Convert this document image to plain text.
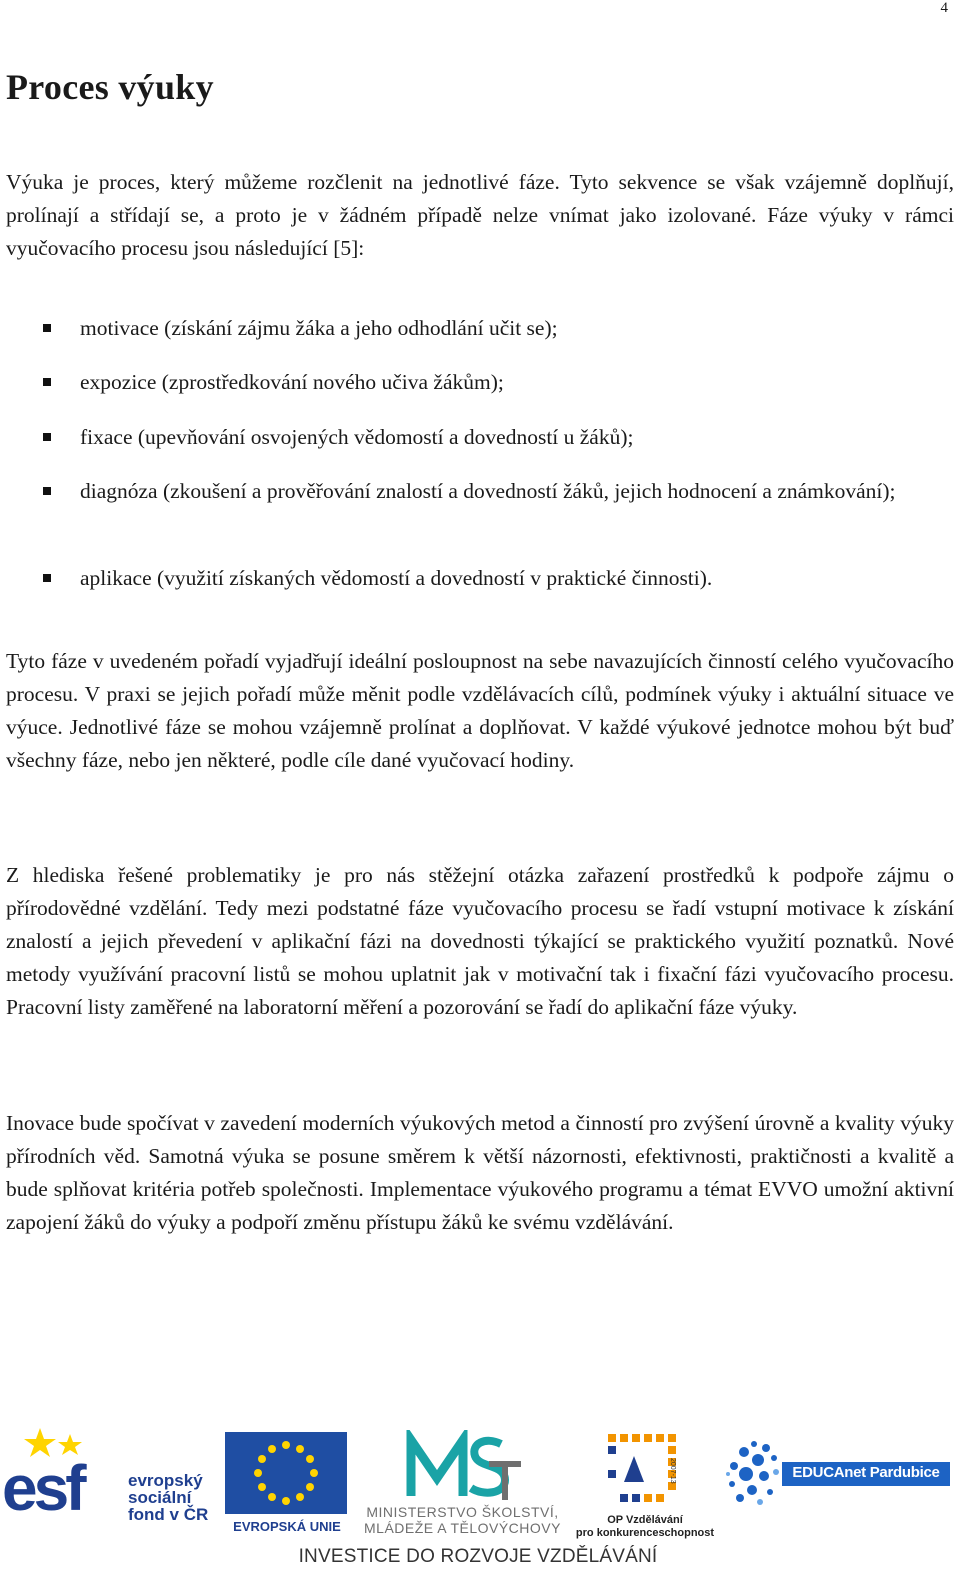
4
Proces výuky

Výuka je proces, který můžeme rozčlenit na jednotlivé fáze. Tyto sekvence se však vzájemně doplňují, prolínají a střídají se, a proto je v žádném případě nelze vnímat jako izolované. Fáze výuky v rámci vyučovacího procesu jsou následující [5]:

motivace (získání zájmu žáka a jeho odhodlání učit se);
expozice (zprostředkování nového učiva žákům);
fixace (upevňování osvojených vědomostí a dovedností u žáků);
diagnóza (zkoušení a prověřování znalostí a dovedností žáků, jejich hodnocení a známkování);
aplikace (využití získaných vědomostí a dovedností v praktické činnosti).

Tyto fáze v uvedeném pořadí vyjadřují ideální posloupnost na sebe navazujících činností celého vyučovacího procesu. V praxi se jejich pořadí může měnit podle vzdělávacích cílů, podmínek výuky i aktuální situace ve výuce. Jednotlivé fáze se mohou vzájemně prolínat a doplňovat. V každé výukové jednotce mohou být buď všechny fáze, nebo jen některé, podle cíle dané vyučovací hodiny.

Z hlediska řešené problematiky je pro nás stěžejní otázka zařazení prostředků k podpoře zájmu o přírodovědné vzdělání. Tedy mezi podstatné fáze vyučovacího procesu se řadí vstupní motivace k získání znalostí a jejich převedení v aplikační fázi na dovednosti týkající se praktického využití poznatků. Nové metody využívání pracovní listů se mohou uplatnit jak v motivační tak i fixační fázi vyučovacího procesu. Pracovní listy zaměřené na laboratorní měření a pozorování se řadí do aplikační fáze výuky.

Inovace bude spočívat v zavedení moderních výukových metod a činností pro zvýšení úrovně a kvality výuky přírodních věd. Samotná výuka se posune směrem k větší názornosti, efektivnosti, praktičnosti a kvalitě a bude splňovat kritéria potřeb společnosti. Implementace výukového programu a témat EVVO umožní aktivní zapojení žáků do výuky a podpoří změnu přístupu žáků ke svému vzdělávání.

esf	evropský sociální fond v ČR
EVROPSKÁ UNIE
MINISTERSTVO ŠKOLSTVÍ,
MLÁDEŽE A TĚLOVÝCHOVY
2007-13
OP Vzdělávání
pro konkurenceschopnost
EDUCAnet Pardubice
INVESTICE DO ROZVOJE VZDĚLÁVÁNÍ
